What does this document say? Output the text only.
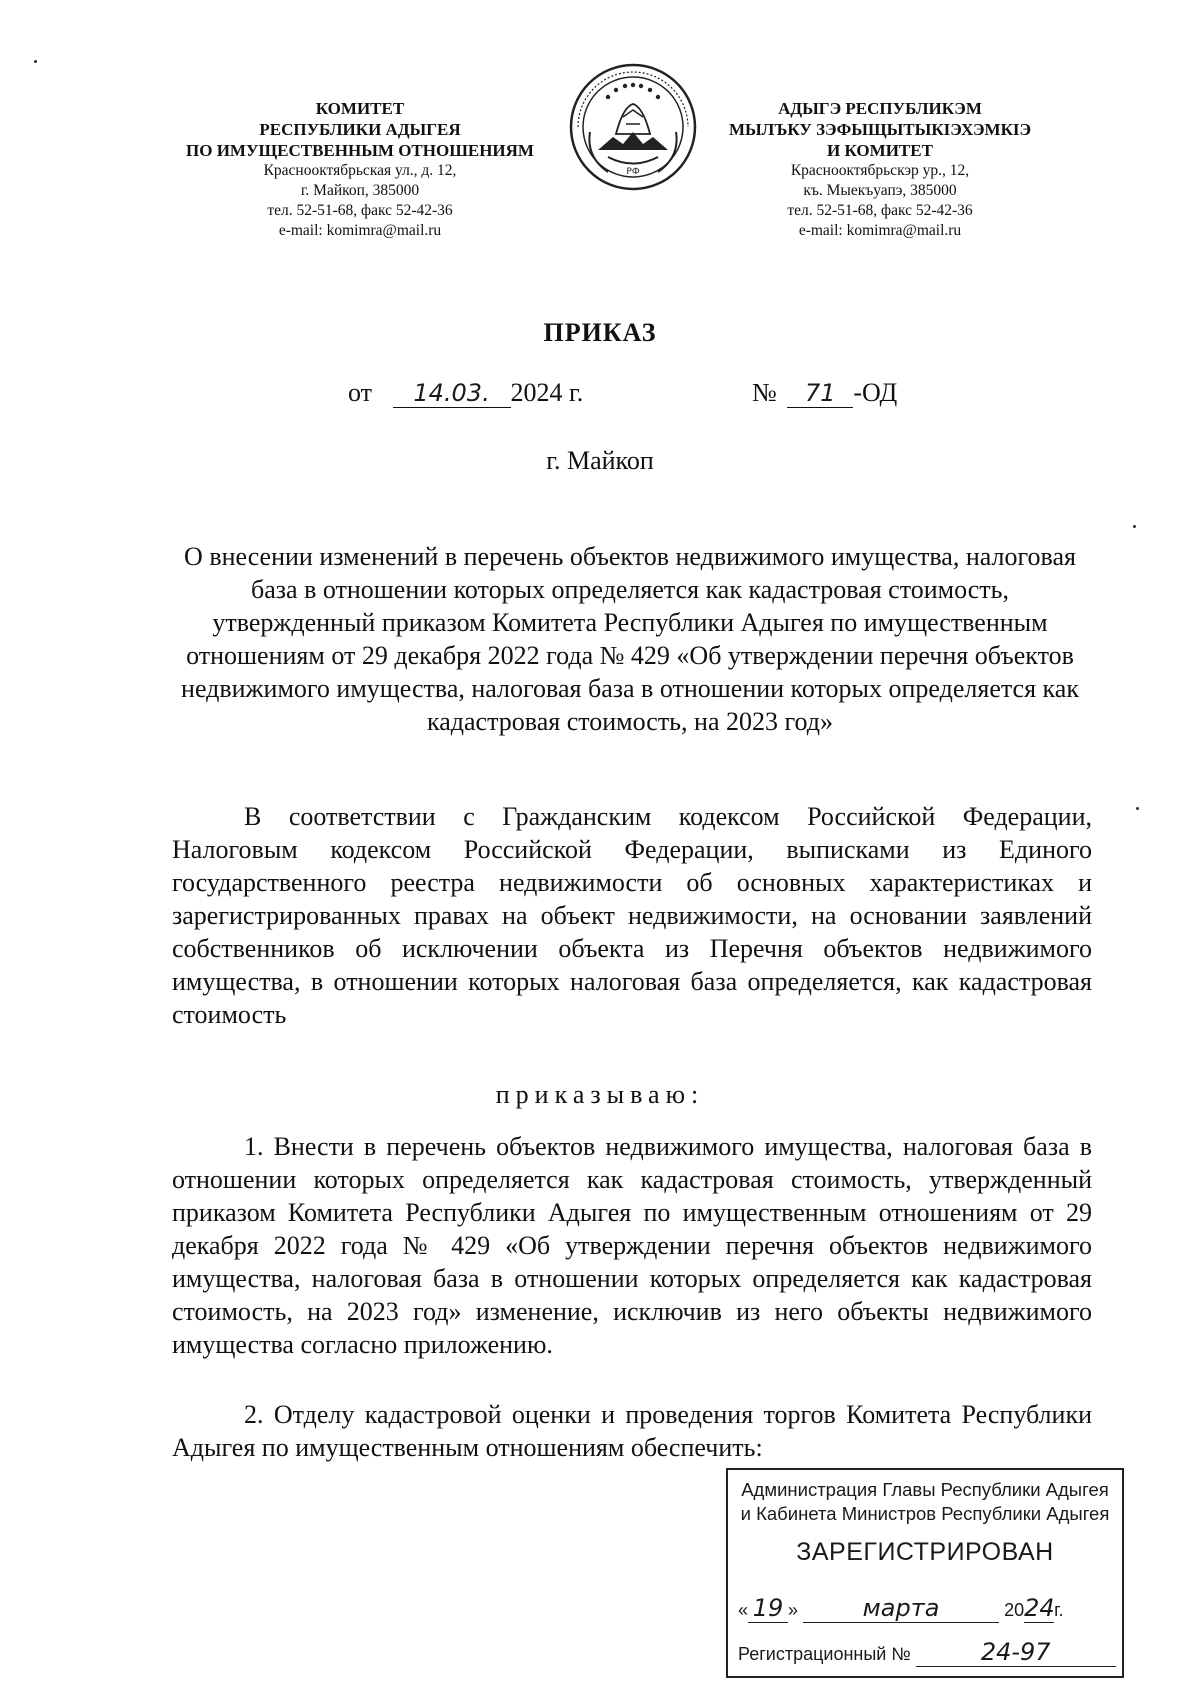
КОМИТЕТ
РЕСПУБЛИКИ АДЫГЕЯ
ПО ИМУЩЕСТВЕННЫМ ОТНОШЕНИЯМ
Краснооктябрьская ул., д. 12,
г. Майкоп, 385000
тел. 52-51-68, факс 52-42-36
e-mail: komimra@mail.ru
РФ
АДЫГЭ РЕСПУБЛИКЭМ
МЫЛЪКУ ЗЭФЫЩЫТЫКIЭХЭМКIЭ
И КОМИТЕТ
Краснооктябрьскэр ур., 12,
къ. Мыекъуапэ, 385000
тел. 52-51-68, факс 52-42-36
e-mail: komimra@mail.ru
ПРИКАЗ
от 14.03. 2024 г.	№ 71 -ОД
г. Майкоп
О внесении изменений в перечень объектов недвижимого имущества, налоговая база в отношении которых определяется как кадастровая стоимость, утвержденный приказом Комитета Республики Адыгея по имущественным отношениям от 29 декабря 2022 года № 429 «Об утверждении перечня объектов недвижимого имущества, налоговая база в отношении которых определяется как кадастровая стоимость, на 2023 год»
В соответствии с Гражданским кодексом Российской Федерации, Налоговым кодексом Российской Федерации, выписками из Единого государственного реестра недвижимости об основных характеристиках и зарегистрированных правах на объект недвижимости, на основании заявлений собственников об исключении объекта из Перечня объектов недвижимого имущества, в отношении которых налоговая база определяется, как кадастровая стоимость
приказываю:
1. Внести в перечень объектов недвижимого имущества, налоговая база в отношении которых определяется как кадастровая стоимость, утвержденный приказом Комитета Республики Адыгея по имущественным отношениям от 29 декабря 2022 года № 429 «Об утверждении перечня объектов недвижимого имущества, налоговая база в отношении которых определяется как кадастровая стоимость, на 2023 год» изменение, исключив из него объекты недвижимого имущества согласно приложению.
2. Отделу кадастровой оценки и проведения торгов Комитета Республики Адыгея по имущественным отношениям обеспечить:
Администрация Главы Республики Адыгея
и Кабинета Министров Республики Адыгея
ЗАРЕГИСТРИРОВАН
« 19 »	марта	2024г.
Регистрационный №	24-97
